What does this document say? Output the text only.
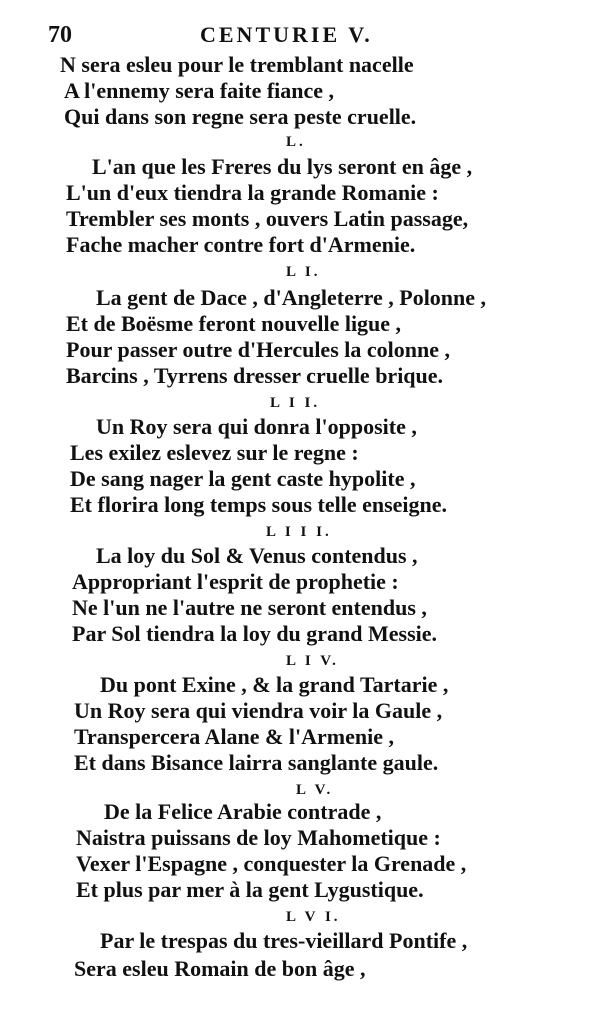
70	CENTURIE V.
N sera esleu pour le tremblant nacelle
A l'ennemy sera faite fiance ,
Qui dans son regne sera peste cruelle.
L.
L'an que les Freres du lys seront en âge ,
L'un d'eux tiendra la grande Romanie :
Trembler ses monts , ouvers Latin passage,
Fache macher contre fort d'Armenie.
L I.
La gent de Dace , d'Angleterre , Polonne ,
Et de Boësme feront nouvelle ligue ,
Pour passer outre d'Hercules la colonne ,
Barcins , Tyrrens dresser cruelle brique.
L I I.
Un Roy sera qui donra l'opposite ,
Les exilez eslevez sur le regne :
De sang nager la gent caste hypolite ,
Et florira long temps sous telle enseigne.
L I I I.
La loy du Sol & Venus contendus ,
Appropriant l'esprit de prophetie :
Ne l'un ne l'autre ne seront entendus ,
Par Sol tiendra la loy du grand Messie.
L I V.
Du pont Exine , & la grand Tartarie ,
Un Roy sera qui viendra voir la Gaule ,
Transpercera Alane & l'Armenie ,
Et dans Bisance lairra sanglante gaule.
L V.
De la Felice Arabie contrade ,
Naistra puissans de loy Mahometique :
Vexer l'Espagne , conquester la Grenade ,
Et plus par mer à la gent Lygustique.
L V I.
Par le trespas du tres-vieillard Pontife ,
Sera esleu Romain de bon âge ,
